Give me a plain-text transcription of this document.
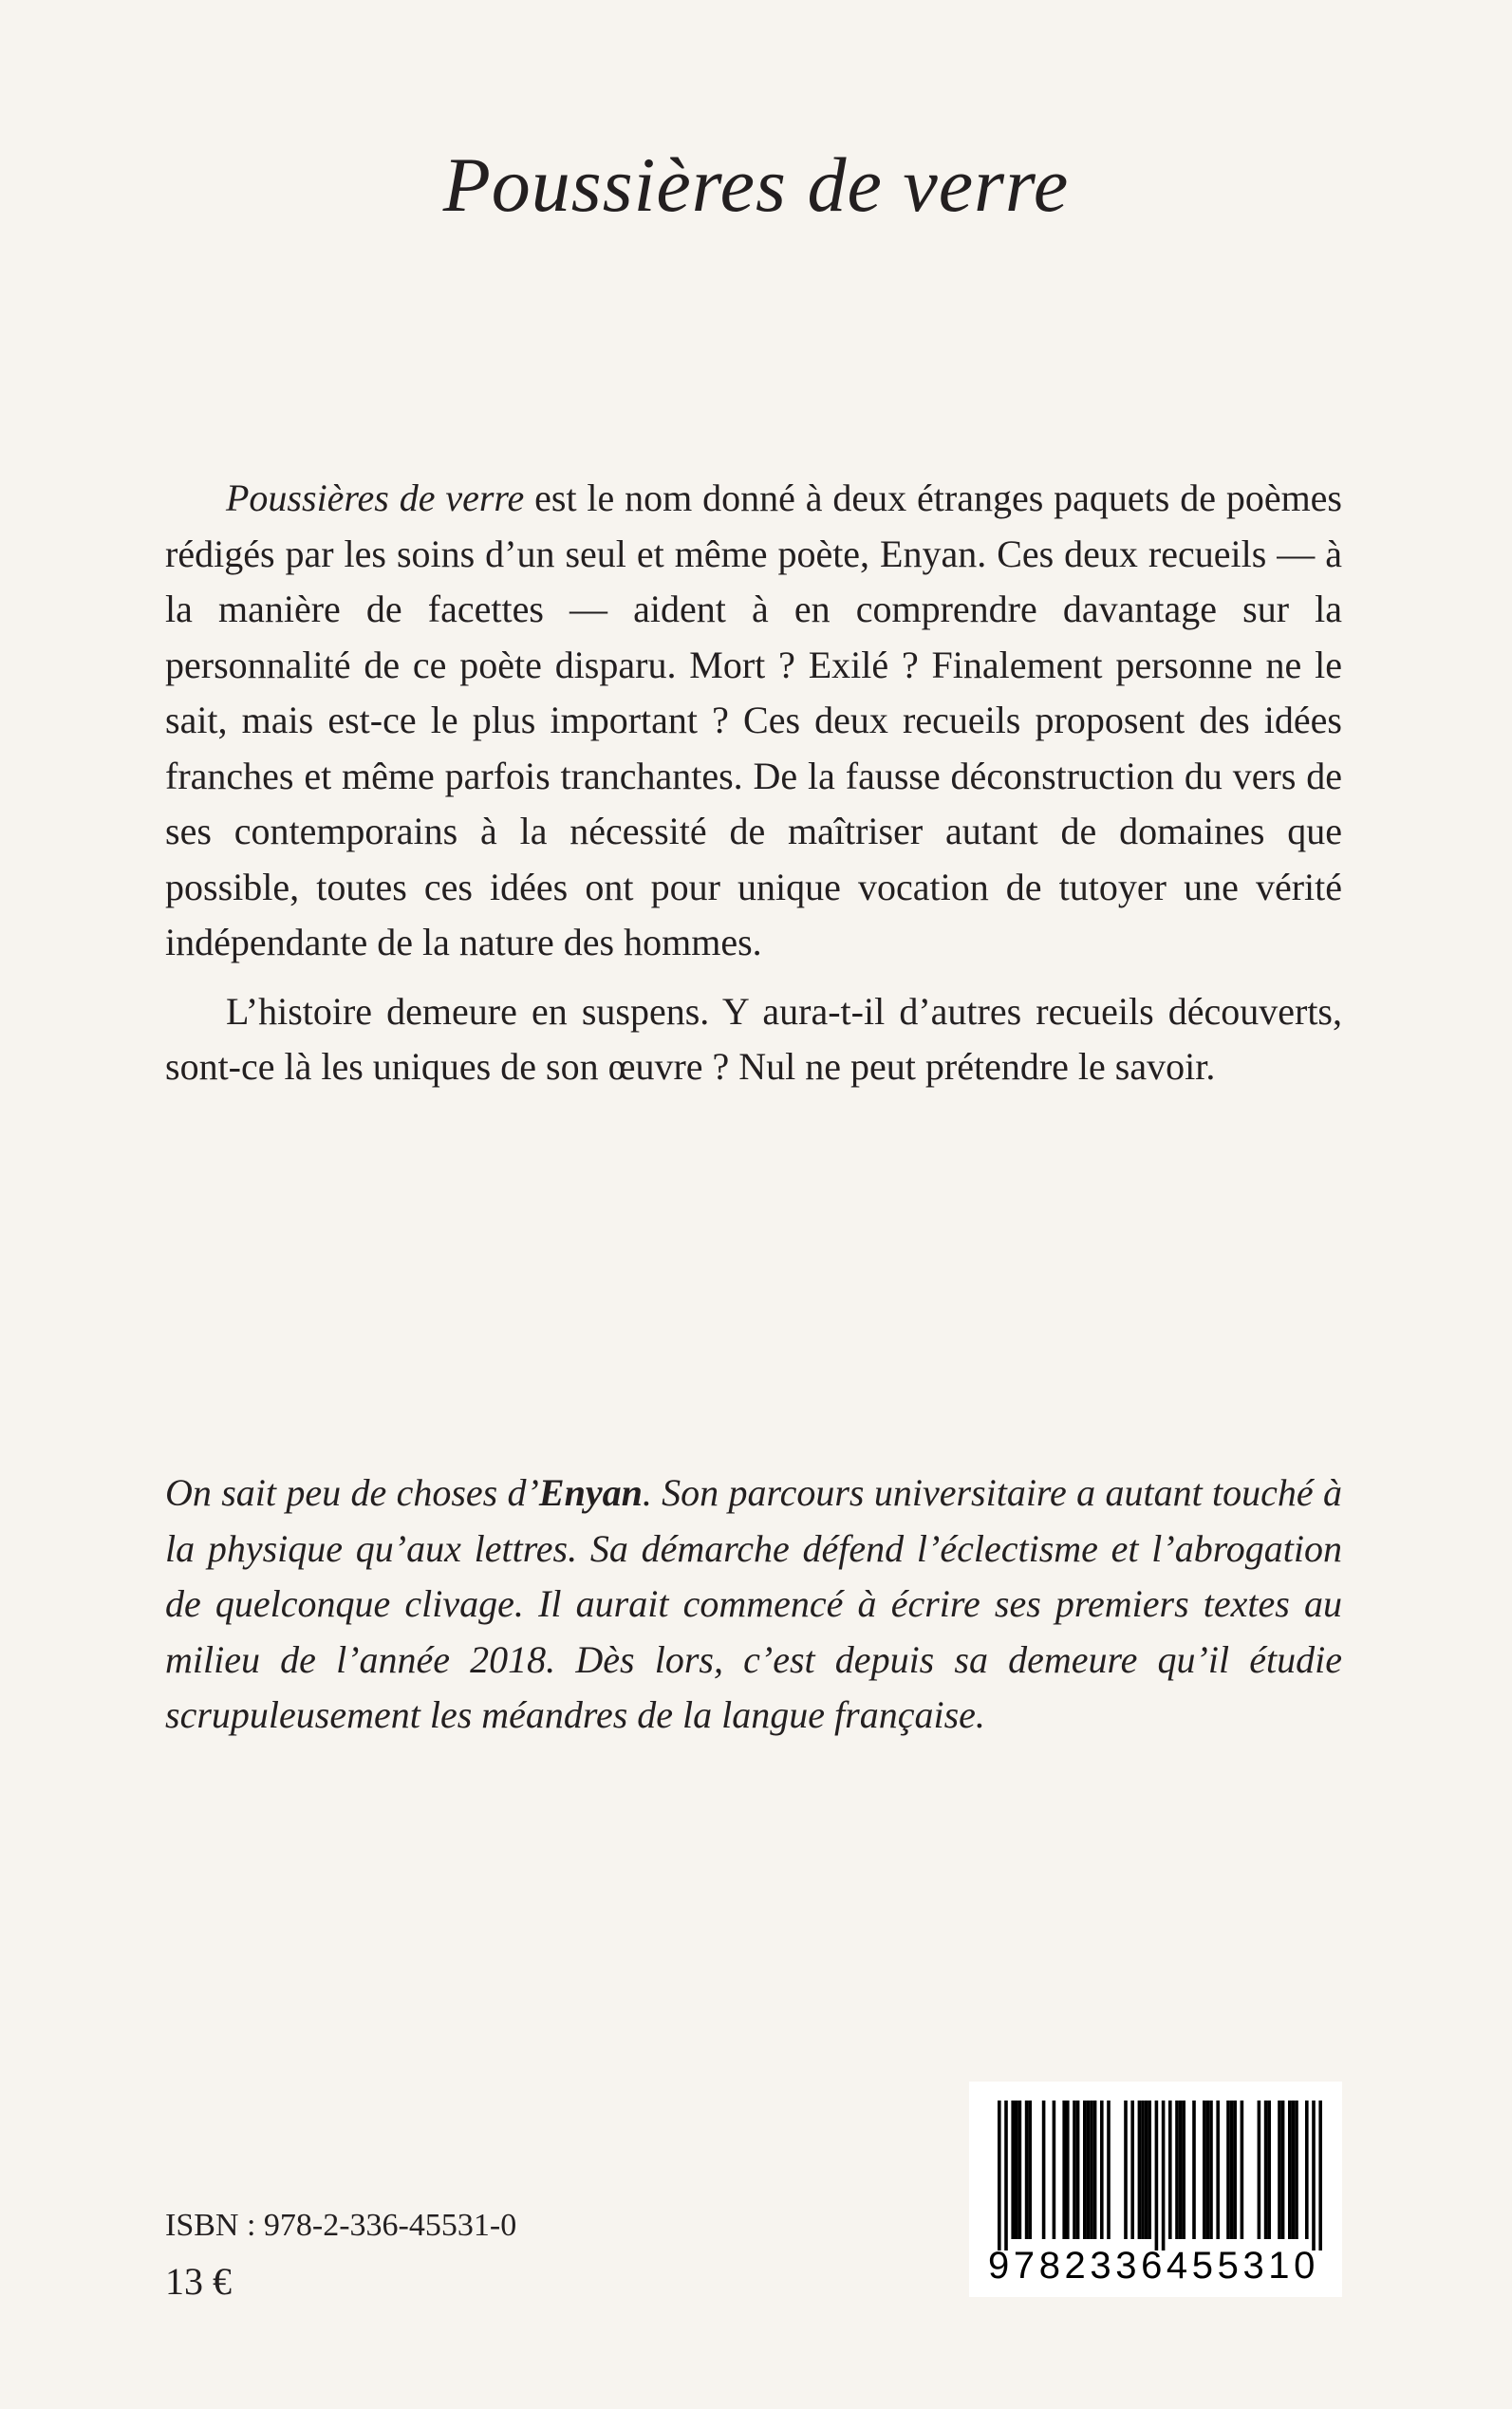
Poussières de verre

Poussières de verre est le nom donné à deux étranges paquets de poèmes rédigés par les soins d’un seul et même poète, Enyan. Ces deux recueils — à la manière de facettes — aident à en comprendre davantage sur la personnalité de ce poète disparu. Mort ? Exilé ? Finalement personne ne le sait, mais est-ce le plus important ? Ces deux recueils proposent des idées franches et même parfois tranchantes. De la fausse déconstruction du vers de ses contemporains à la nécessité de maîtriser autant de domaines que possible, toutes ces idées ont pour unique vocation de tutoyer une vérité indépendante de la nature des hommes.

L’histoire demeure en suspens. Y aura-t-il d’autres recueils découverts, sont-ce là les uniques de son œuvre ? Nul ne peut prétendre le savoir.

On sait peu de choses d’Enyan. Son parcours universitaire a autant touché à la physique qu’aux lettres. Sa démarche défend l’éclectisme et l’abrogation de quelconque clivage. Il aurait commencé à écrire ses premiers textes au milieu de l’année 2018. Dès lors, c’est depuis sa demeure qu’il étudie scrupuleusement les méandres de la langue française.
ISBN : 978-2-336-45531-0
13 €	9782336455310
